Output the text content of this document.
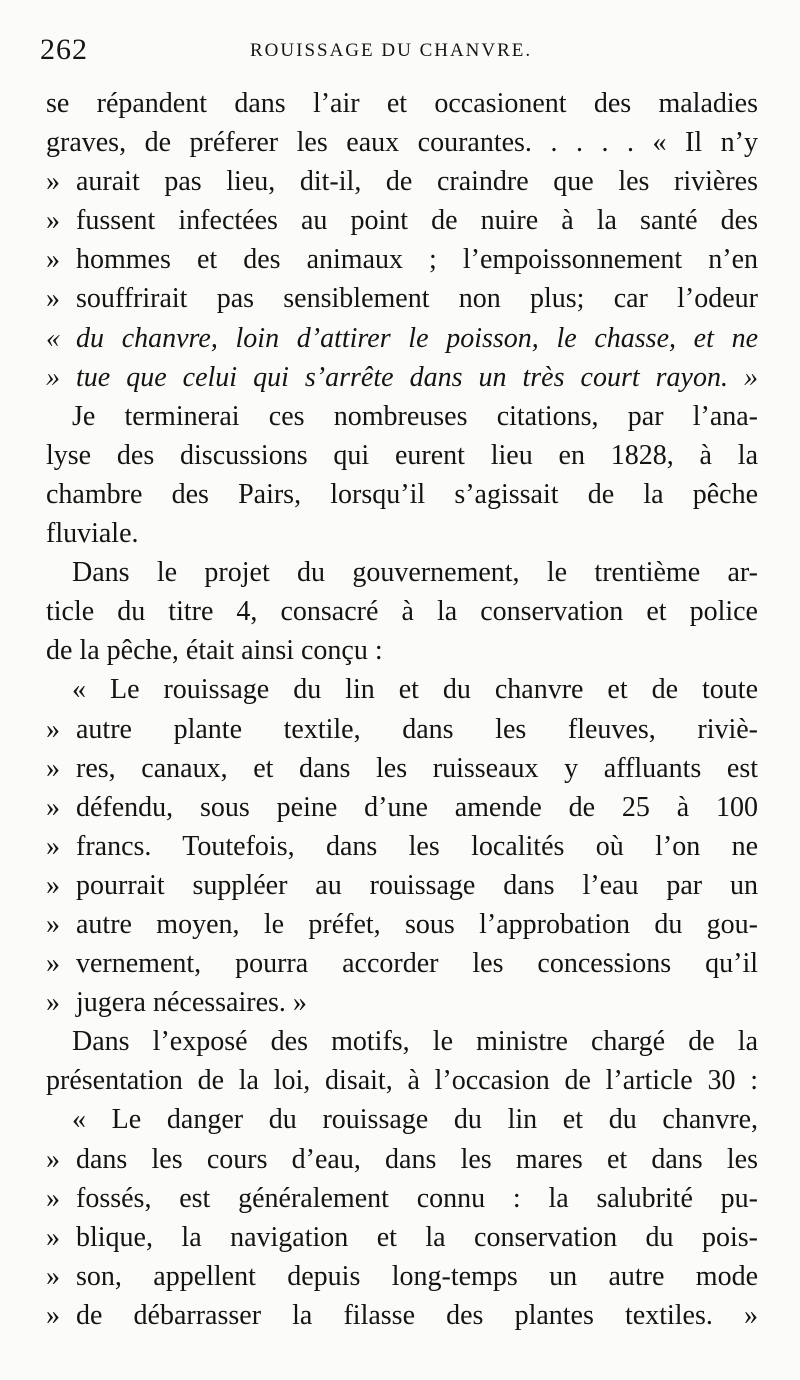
262	ROUISSAGE DU CHANVRE.
se répandent dans l’air et occasionent des maladies
graves, de préferer les eaux courantes. . . . . « Il n’y
» aurait pas lieu, dit-il, de craindre que les rivières
» fussent infectées au point de nuire à la santé des
» hommes et des animaux ; l’empoissonnement n’en
» souffrirait pas sensiblement non plus; car l’odeur
« du chanvre, loin d’attirer le poisson, le chasse, et ne
» tue que celui qui s’arrête dans un très court rayon. »
Je terminerai ces nombreuses citations, par l’ana-
lyse des discussions qui eurent lieu en 1828, à la
chambre des Pairs, lorsqu’il s’agissait de la pêche
fluviale.
Dans le projet du gouvernement, le trentième ar-
ticle du titre 4, consacré à la conservation et police
de la pêche, était ainsi conçu :
« Le rouissage du lin et du chanvre et de toute
» autre plante textile, dans les fleuves, riviè-
» res, canaux, et dans les ruisseaux y affluants est
» défendu, sous peine d’une amende de 25 à 100
» francs. Toutefois, dans les localités où l’on ne
» pourrait suppléer au rouissage dans l’eau par un
» autre moyen, le préfet, sous l’approbation du gou-
» vernement, pourra accorder les concessions qu’il
» jugera nécessaires. »
Dans l’exposé des motifs, le ministre chargé de la
présentation de la loi, disait, à l’occasion de l’article 30 :
« Le danger du rouissage du lin et du chanvre,
» dans les cours d’eau, dans les mares et dans les
» fossés, est généralement connu : la salubrité pu-
» blique, la navigation et la conservation du pois-
» son, appellent depuis long-temps un autre mode
» de débarrasser la filasse des plantes textiles. »
